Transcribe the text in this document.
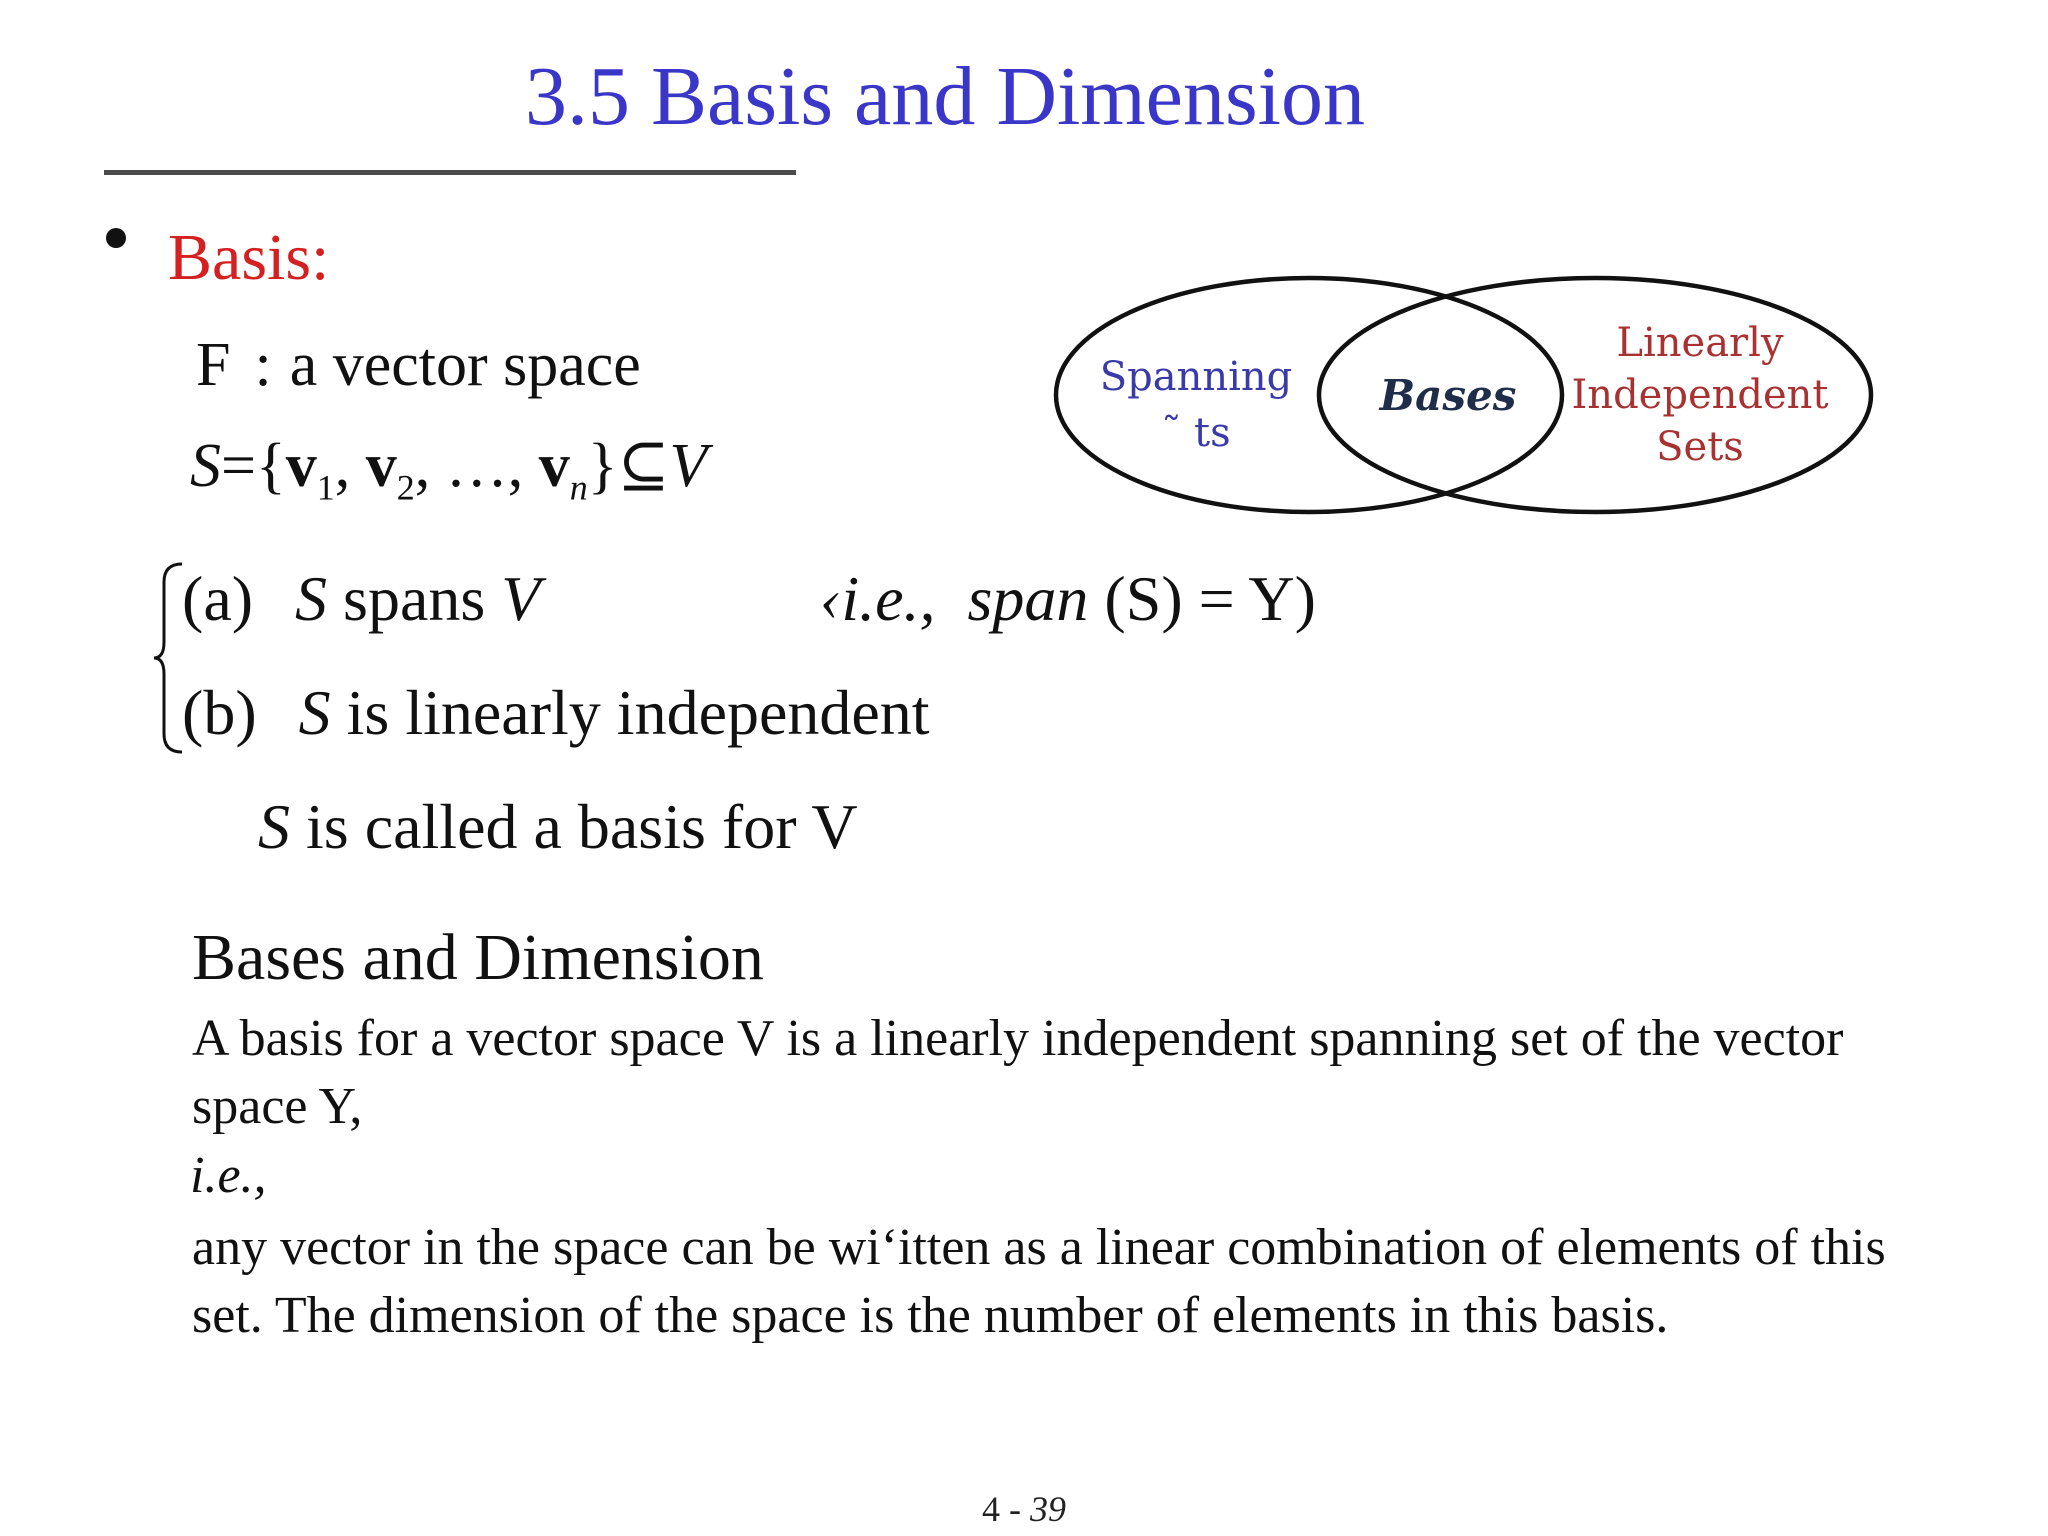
3.5 Basis and Dimension
Basis:
F : a vector space
$S=\{v_1$, $v_2$, …, $v_n\}⊆V$
(a) S spans V	‹i.e., span (S) = Y)
(b) S is linearly independent
S is called a basis for V
Spanning
˜ ts
Bases
Linearly
Independent
Sets
Bases and Dimension
A basis for a vector space V is a linearly independent spanning set of the vector space Y,
i.e.,
any vector in the space can be wi‘itten as a linear combination of elements of this set. The dimension of the space is the number of elements in this basis.
4 - 39
